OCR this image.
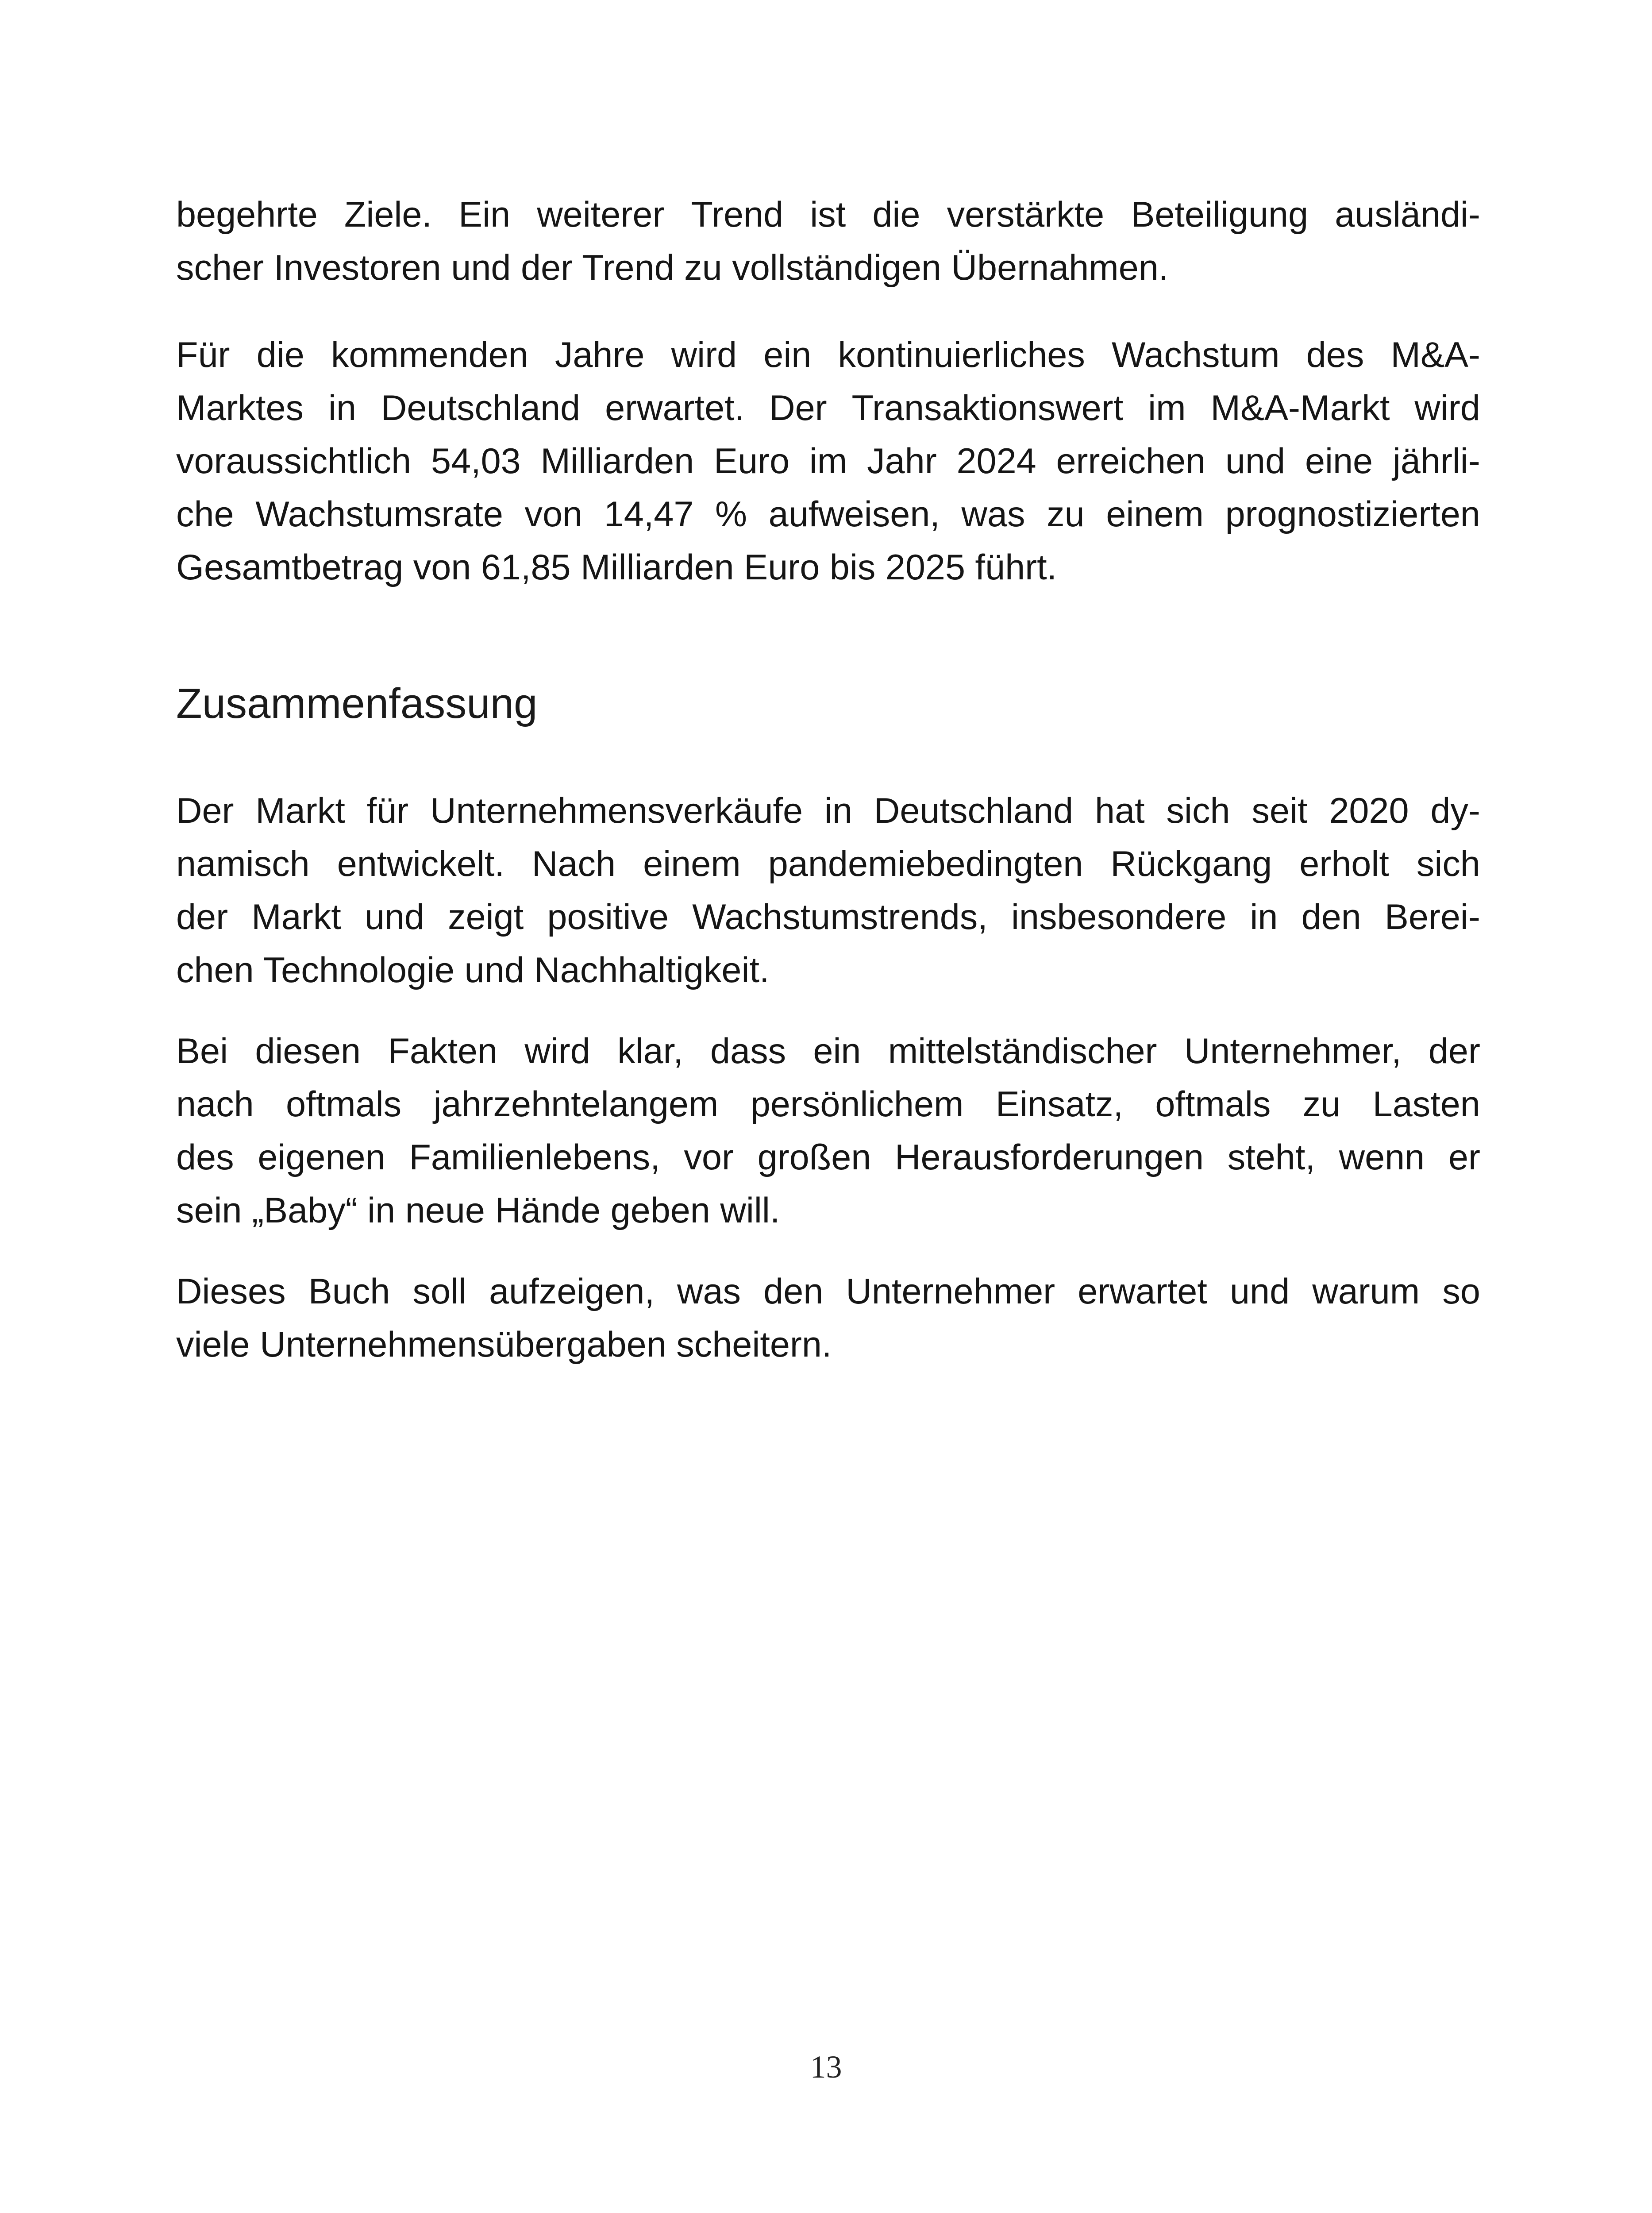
begehrte Ziele. Ein weiterer Trend ist die verstärkte Beteiligung ausländi-
scher Investoren und der Trend zu vollständigen Übernahmen.
Für die kommenden Jahre wird ein kontinuierliches Wachstum des M&A-
Marktes in Deutschland erwartet. Der Transaktionswert im M&A-Markt wird
voraussichtlich 54,03 Milliarden Euro im Jahr 2024 erreichen und eine jährli-
che Wachstumsrate von 14,47 % aufweisen, was zu einem prognostizierten
Gesamtbetrag von 61,85 Milliarden Euro bis 2025 führt.
Zusammenfassung
Der Markt für Unternehmensverkäufe in Deutschland hat sich seit 2020 dy-
namisch entwickelt. Nach einem pandemiebedingten Rückgang erholt sich
der Markt und zeigt positive Wachstumstrends, insbesondere in den Berei-
chen Technologie und Nachhaltigkeit.
Bei diesen Fakten wird klar, dass ein mittelständischer Unternehmer, der
nach oftmals jahrzehntelangem persönlichem Einsatz, oftmals zu Lasten
des eigenen Familienlebens, vor großen Herausforderungen steht, wenn er
sein „Baby“ in neue Hände geben will.
Dieses Buch soll aufzeigen, was den Unternehmer erwartet und warum so
viele Unternehmensübergaben scheitern.
13
